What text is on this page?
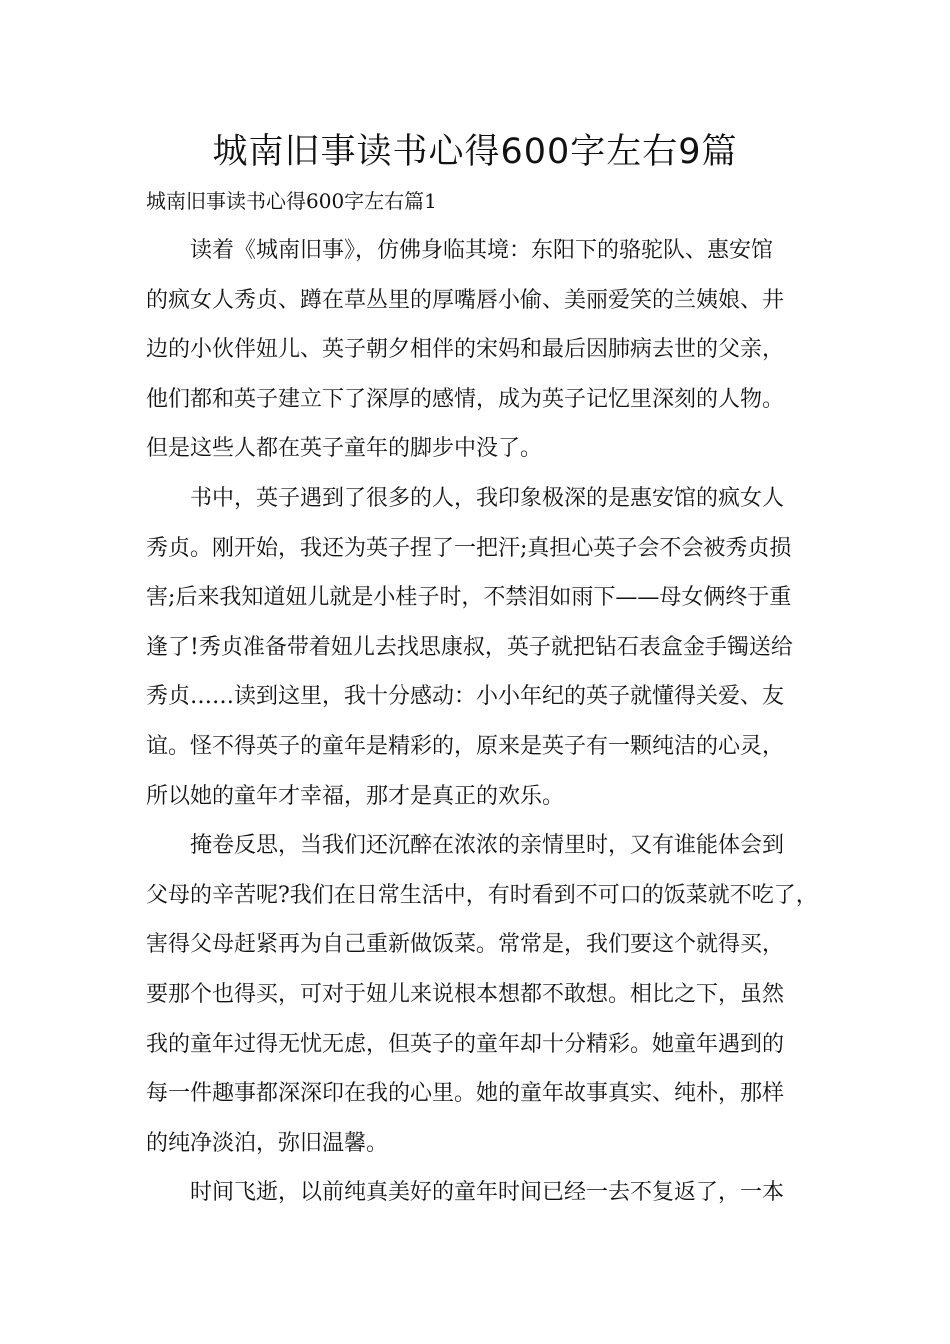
城南旧事读书心得600字左右9篇

城南旧事读书心得600字左右篇1

读着《城南旧事》，仿佛身临其境：东阳下的骆驼队、惠安馆
的疯女人秀贞、蹲在草丛里的厚嘴唇小偷、美丽爱笑的兰姨娘、井
边的小伙伴妞儿、英子朝夕相伴的宋妈和最后因肺病去世的父亲，
他们都和英子建立下了深厚的感情，成为英子记忆里深刻的人物。
但是这些人都在英子童年的脚步中没了。

书中，英子遇到了很多的人，我印象极深的是惠安馆的疯女人
秀贞。刚开始，我还为英子捏了一把汗;真担心英子会不会被秀贞损
害;后来我知道妞儿就是小桂子时，不禁泪如雨下——母女俩终于重
逢了!秀贞准备带着妞儿去找思康叔，英子就把钻石表盒金手镯送给
秀贞……读到这里，我十分感动：小小年纪的英子就懂得关爱、友
谊。怪不得英子的童年是精彩的，原来是英子有一颗纯洁的心灵，
所以她的童年才幸福，那才是真正的欢乐。

掩卷反思，当我们还沉醉在浓浓的亲情里时，又有谁能体会到
父母的辛苦呢?我们在日常生活中，有时看到不可口的饭菜就不吃了，
害得父母赶紧再为自己重新做饭菜。常常是，我们要这个就得买，
要那个也得买，可对于妞儿来说根本想都不敢想。相比之下，虽然
我的童年过得无忧无虑，但英子的童年却十分精彩。她童年遇到的
每一件趣事都深深印在我的心里。她的童年故事真实、纯朴，那样
的纯净淡泊，弥旧温馨。

时间飞逝，以前纯真美好的童年时间已经一去不复返了，一本
